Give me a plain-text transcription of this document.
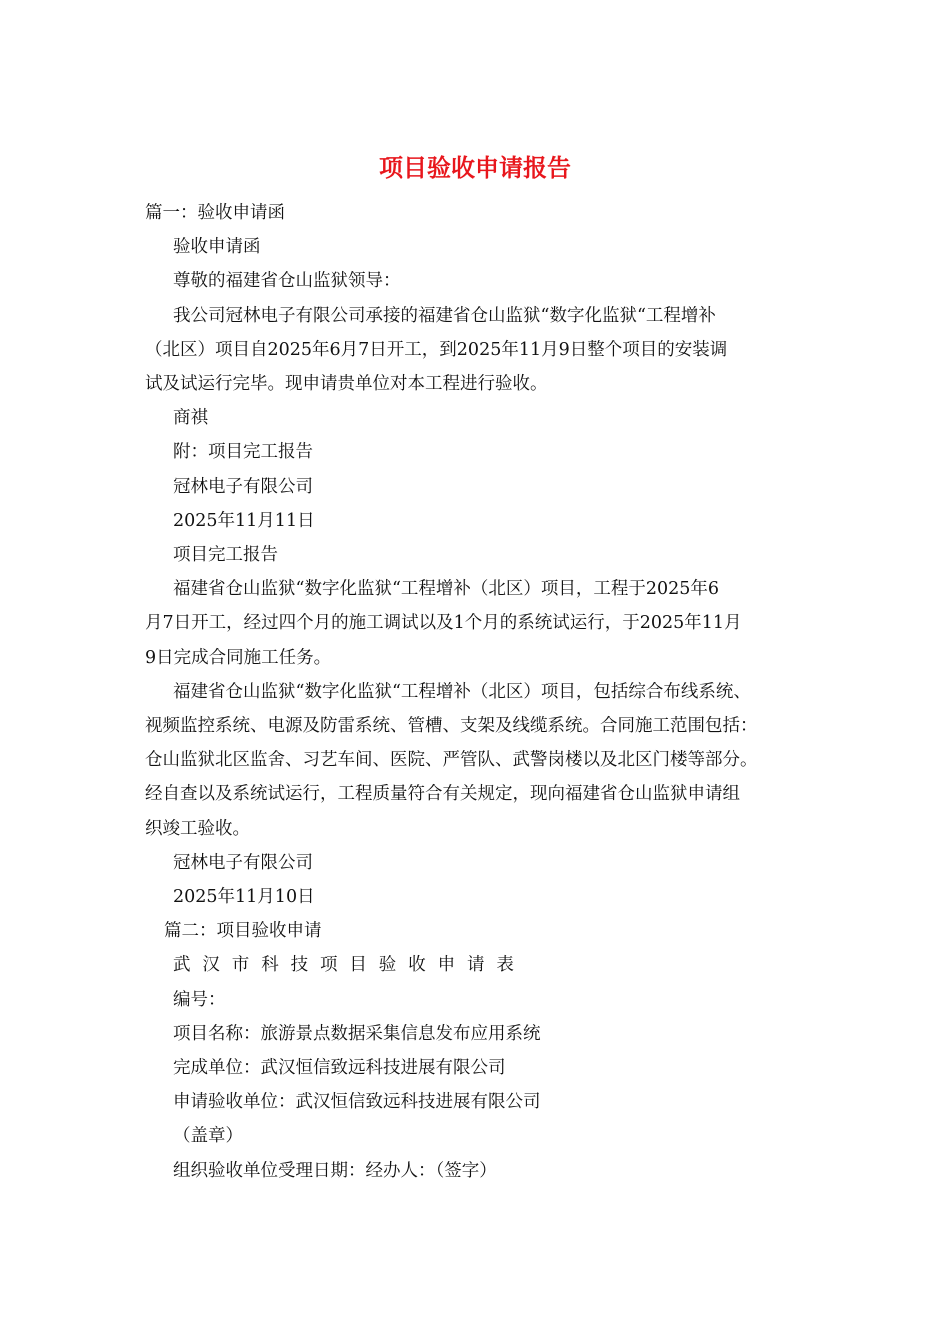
项目验收申请报告

篇一：验收申请函

验收申请函

尊敬的福建省仓山监狱领导：

我公司冠林电子有限公司承接的福建省仓山监狱“数字化监狱“工程增补

（北区）项目自2025年6月7日开工，到2025年11月9日整个项目的安装调

试及试运行完毕。现申请贵单位对本工程进行验收。

商祺

附：项目完工报告

冠林电子有限公司

2025年11月11日

项目完工报告

福建省仓山监狱“数字化监狱“工程增补（北区）项目，工程于2025年6

月7日开工，经过四个月的施工调试以及1个月的系统试运行，于2025年11月

9日完成合同施工任务。

福建省仓山监狱“数字化监狱“工程增补（北区）项目，包括综合布线系统、

视频监控系统、电源及防雷系统、管槽、支架及线缆系统。合同施工范围包括：

仓山监狱北区监舍、习艺车间、医院、严管队、武警岗楼以及北区门楼等部分。

经自查以及系统试运行，工程质量符合有关规定，现向福建省仓山监狱申请组

织竣工验收。

冠林电子有限公司

2025年11月10日

篇二：项目验收申请

武汉市科技项目验收申请表

编号：

项目名称：旅游景点数据采集信息发布应用系统

完成单位：武汉恒信致远科技进展有限公司

申请验收单位：武汉恒信致远科技进展有限公司

（盖章）

组织验收单位受理日期：经办人：（签字）
